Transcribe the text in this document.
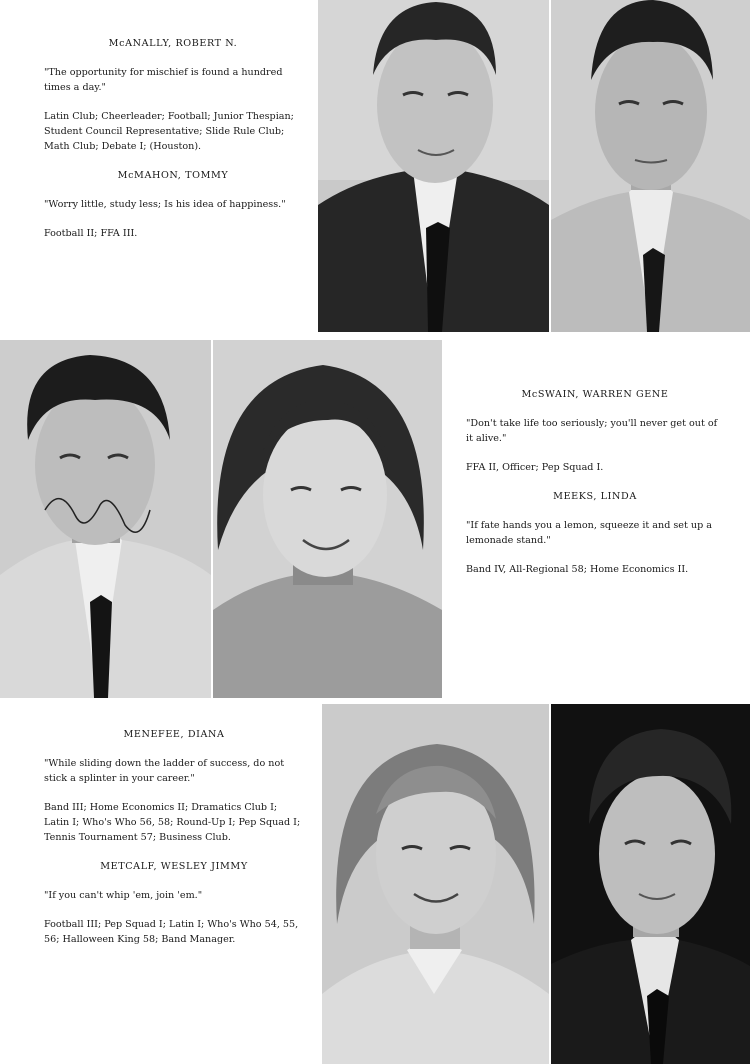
McANALLY, ROBERT N.

"The opportunity for mischief is found a hundred times a day."

Latin Club; Cheerleader; Football; Junior Thespian; Student Council Representative; Slide Rule Club; Math Club; Debate I; (Houston).

McMAHON, TOMMY

"Worry little, study less; Is his idea of happiness."

Football II; FFA III.

McSWAIN, WARREN GENE

"Don't take life too seriously; you'll never get out of it alive."

FFA II, Officer; Pep Squad I.

MEEKS, LINDA

"If fate hands you a lemon, squeeze it and set up a lemonade stand."

Band IV, All-Regional 58; Home Economics II.

MENEFEE, DIANA

"While sliding down the ladder of success, do not stick a splinter in your career."

Band III; Home Economics II; Dramatics Club I; Latin I; Who's Who 56, 58; Round-Up I; Pep Squad I; Tennis Tournament 57; Business Club.

METCALF, WESLEY JIMMY

"If you can't whip 'em, join 'em."

Football III; Pep Squad I; Latin I; Who's Who 54, 55, 56; Halloween King 58; Band Manager.
